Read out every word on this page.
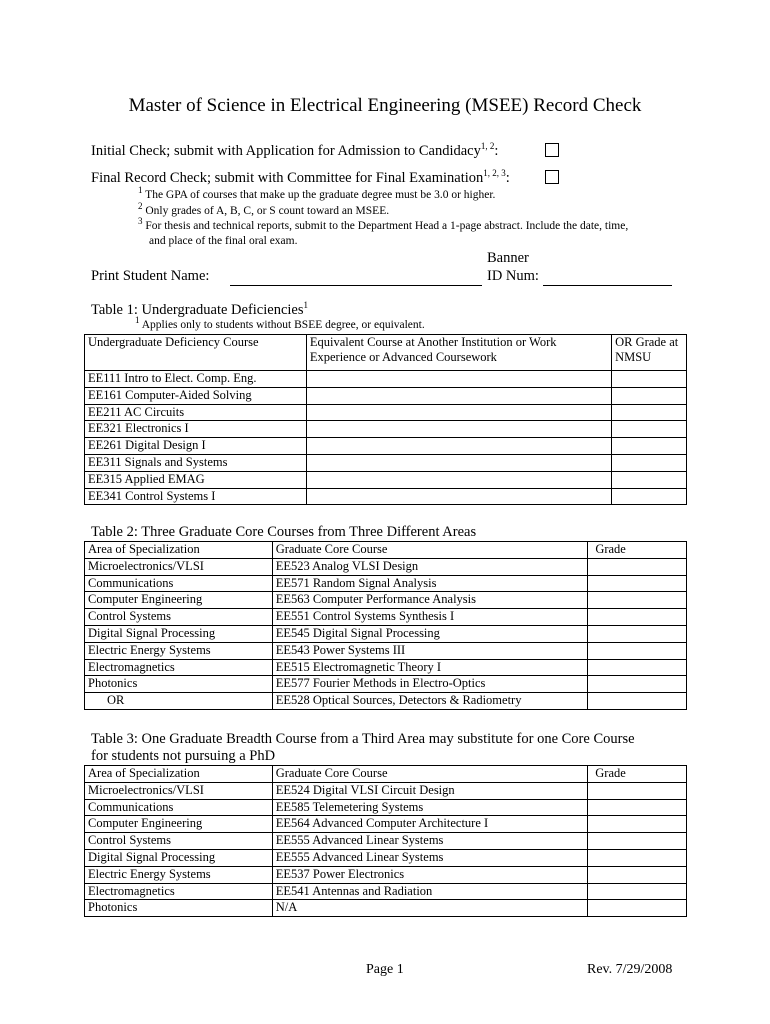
Master of Science in Electrical Engineering (MSEE) Record Check
Initial Check; submit with Application for Admission to Candidacy$^{1, 2}$:
Final Record Check; submit with Committee for Final Examination$^{1, 2, 3}$:
$^1$ The GPA of courses that make up the graduate degree must be 3.0 or higher.
$^2$ Only grades of A, B, C, or S count toward an MSEE.
$^3$ For thesis and technical reports, submit to the Department Head a 1-page abstract. Include the date, time,
and place of the final oral exam.
Banner
Print Student Name:	ID Num:
Table 1: Undergraduate Deficiencies$^1$
$^1$ Applies only to students without BSEE degree, or equivalent.
Undergraduate Deficiency Course	Equivalent Course at Another Institution or Work Experience or Advanced Coursework	OR Grade at NMSU
EE111 Intro to Elect. Comp. Eng.		
EE161 Computer-Aided Solving		
EE211 AC Circuits		
EE321 Electronics I		
EE261 Digital Design I		
EE311 Signals and Systems		
EE315 Applied EMAG		
EE341 Control Systems I		
Table 2: Three Graduate Core Courses from Three Different Areas
Area of Specialization	Graduate Core Course	Grade
Microelectronics/VLSI	EE523 Analog VLSI Design	
Communications	EE571 Random Signal Analysis	
Computer Engineering	EE563 Computer Performance Analysis	
Control Systems	EE551 Control Systems Synthesis I	
Digital Signal Processing	EE545 Digital Signal Processing	
Electric Energy Systems	EE543 Power Systems III	
Electromagnetics	EE515 Electromagnetic Theory I	
Photonics	EE577 Fourier Methods in Electro-Optics	
OR	EE528 Optical Sources, Detectors & Radiometry	
Table 3: One Graduate Breadth Course from a Third Area may substitute for one Core Course
for students not pursuing a PhD
Area of Specialization	Graduate Core Course	Grade
Microelectronics/VLSI	EE524 Digital VLSI Circuit Design	
Communications	EE585 Telemetering Systems	
Computer Engineering	EE564 Advanced Computer Architecture I	
Control Systems	EE555 Advanced Linear Systems	
Digital Signal Processing	EE555 Advanced Linear Systems	
Electric Energy Systems	EE537 Power Electronics	
Electromagnetics	EE541 Antennas and Radiation	
Photonics	N/A	
Page 1	Rev. 7/29/2008
